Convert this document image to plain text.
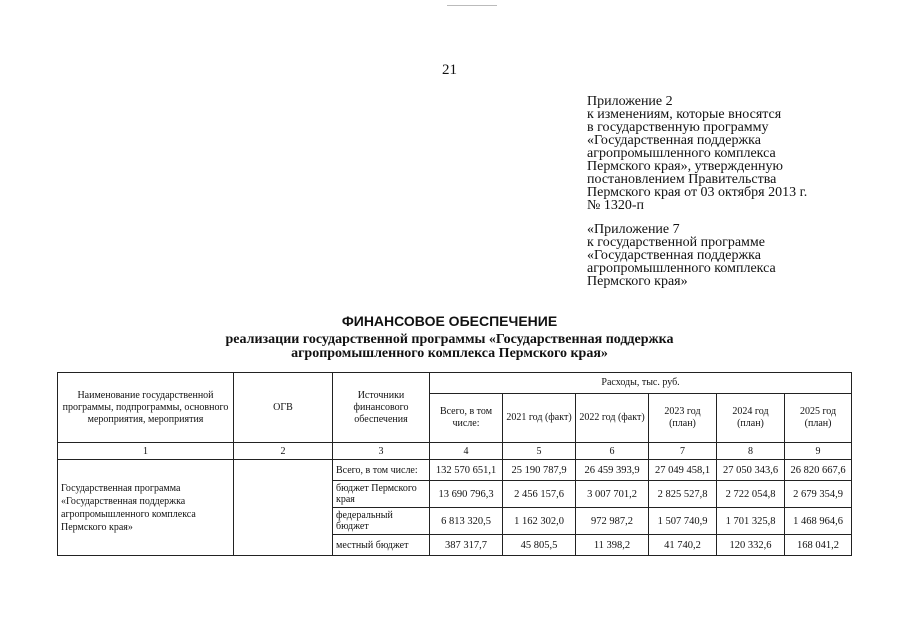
21
Приложение 2
к изменениям, которые вносятся
в государственную программу
«Государственная поддержка
агропромышленного комплекса
Пермского края», утвержденную
постановлением Правительства
Пермского края от 03 октября 2013 г.
№ 1320-п
«Приложение 7
к государственной программе
«Государственная поддержка
агропромышленного комплекса
Пермского края»
ФИНАНСОВОЕ ОБЕСПЕЧЕНИЕ
реализации государственной программы «Государственная поддержка
агропромышленного комплекса Пермского края»
Наименование государственной программы, подпрограммы, основного мероприятия, мероприятия	ОГВ	Источники финансового обеспечения	Расходы, тыс. руб.					
			Всего, в том числе:	2021 год (факт)	2022 год (факт)	2023 год (план)	2024 год (план)	2025 год (план)
1	2	3	4	5	6	7	8	9
Государственная программа «Государственная поддержка агропромышленного комплекса Пермского края»		Всего, в том числе:	132 570 651,1	25 190 787,9	26 459 393,9	27 049 458,1	27 050 343,6	26 820 667,6
		бюджет Пермского края	13 690 796,3	2 456 157,6	3 007 701,2	2 825 527,8	2 722 054,8	2 679 354,9
		федеральный бюджет	6 813 320,5	1 162 302,0	972 987,2	1 507 740,9	1 701 325,8	1 468 964,6
		местный бюджет	387 317,7	45 805,5	11 398,2	41 740,2	120 332,6	168 041,2
